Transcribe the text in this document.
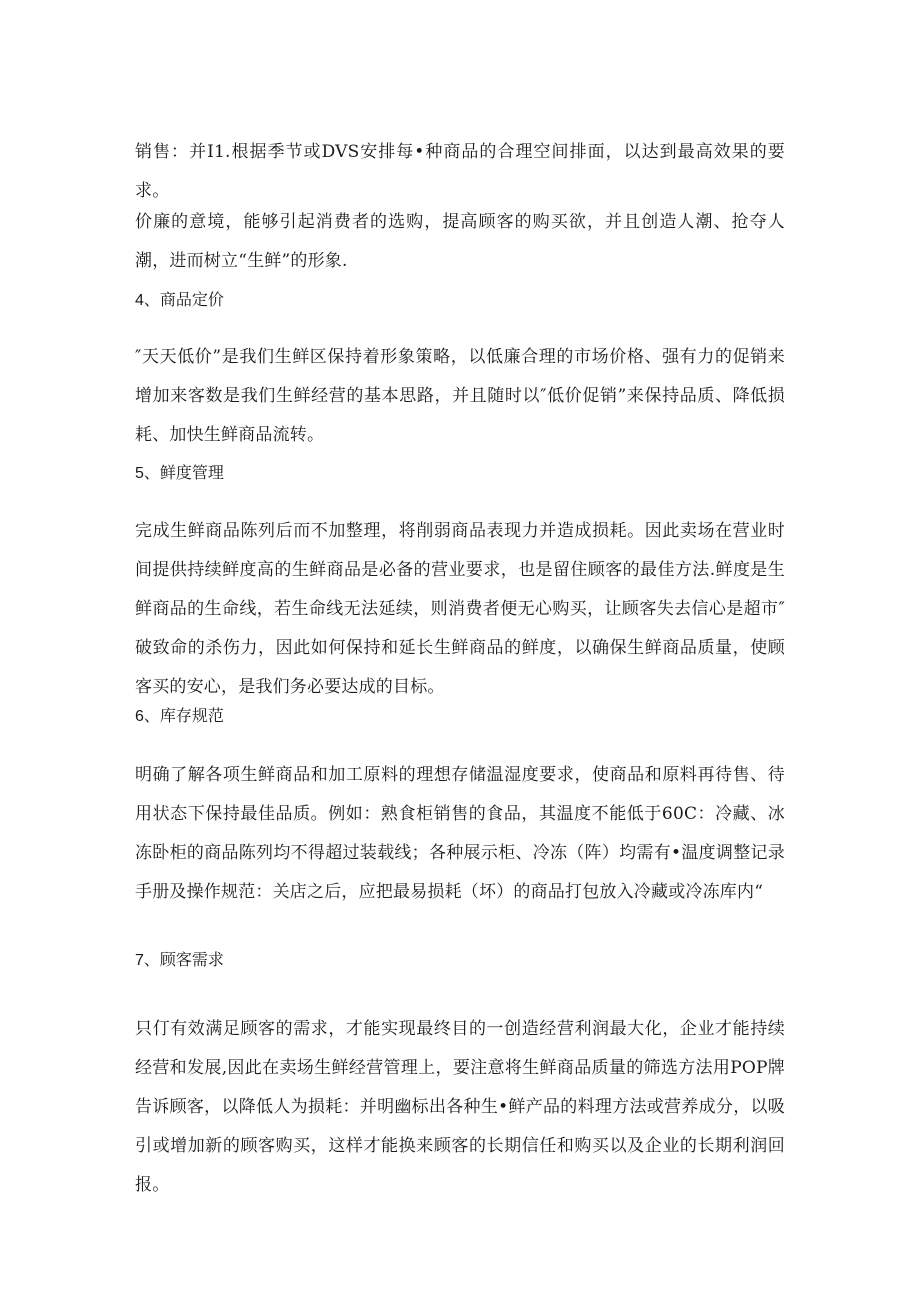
销售：并I1.根据季节或DVS安排每•种商品的合理空间排面，以达到最高效果的要求。

价廉的意境，能够引起消费者的选购，提高顾客的购买欲，并且创造人潮、抢夺人潮，进而树立“生鲜”的形象.

4、商品定价

″天天低价”是我们生鲜区保持着形象策略，以低廉合理的市场价格、强有力的促销来增加来客数是我们生鲜经营的基本思路，并且随时以″低价促销”来保持品质、降低损耗、加快生鲜商品流转。

5、鲜度管理

完成生鲜商品陈列后而不加整理，将削弱商品表现力并造成损耗。因此卖场在营业时间提供持续鲜度高的生鲜商品是必备的营业要求，也是留住顾客的最佳方法.鲜度是生鲜商品的生命线，若生命线无法延续，则消费者便无心购买，让顾客失去信心是超市″破致命的杀伤力，因此如何保持和延长生鲜商品的鲜度，以确保生鲜商品质量，使顾客买的安心，是我们务必要达成的目标。

6、库存规范

明确了解各项生鲜商品和加工原料的理想存储温湿度要求，使商品和原料再待售、待用状态下保持最佳品质。例如：熟食柜销售的食品，其温度不能低于60C：冷藏、冰冻卧柜的商品陈列均不得超过装载线；各种展示柜、冷冻（阵）均需有•温度调整记录手册及操作规范：关店之后，应把最易损耗（坏）的商品打包放入冷藏或冷冻库内“

7、顾客需求

只仃有效满足顾客的需求，才能实现最终目的一创造经营利润最大化，企业才能持续经营和发展,因此在卖场生鲜经营管理上，要注意将生鲜商品质量的筛选方法用POP牌告诉顾客，以降低人为损耗：并明幽标出各种生•鲜产品的料理方法或营养成分，以吸引或增加新的顾客购买，这样才能换来顾客的长期信任和购买以及企业的长期利润回报。
